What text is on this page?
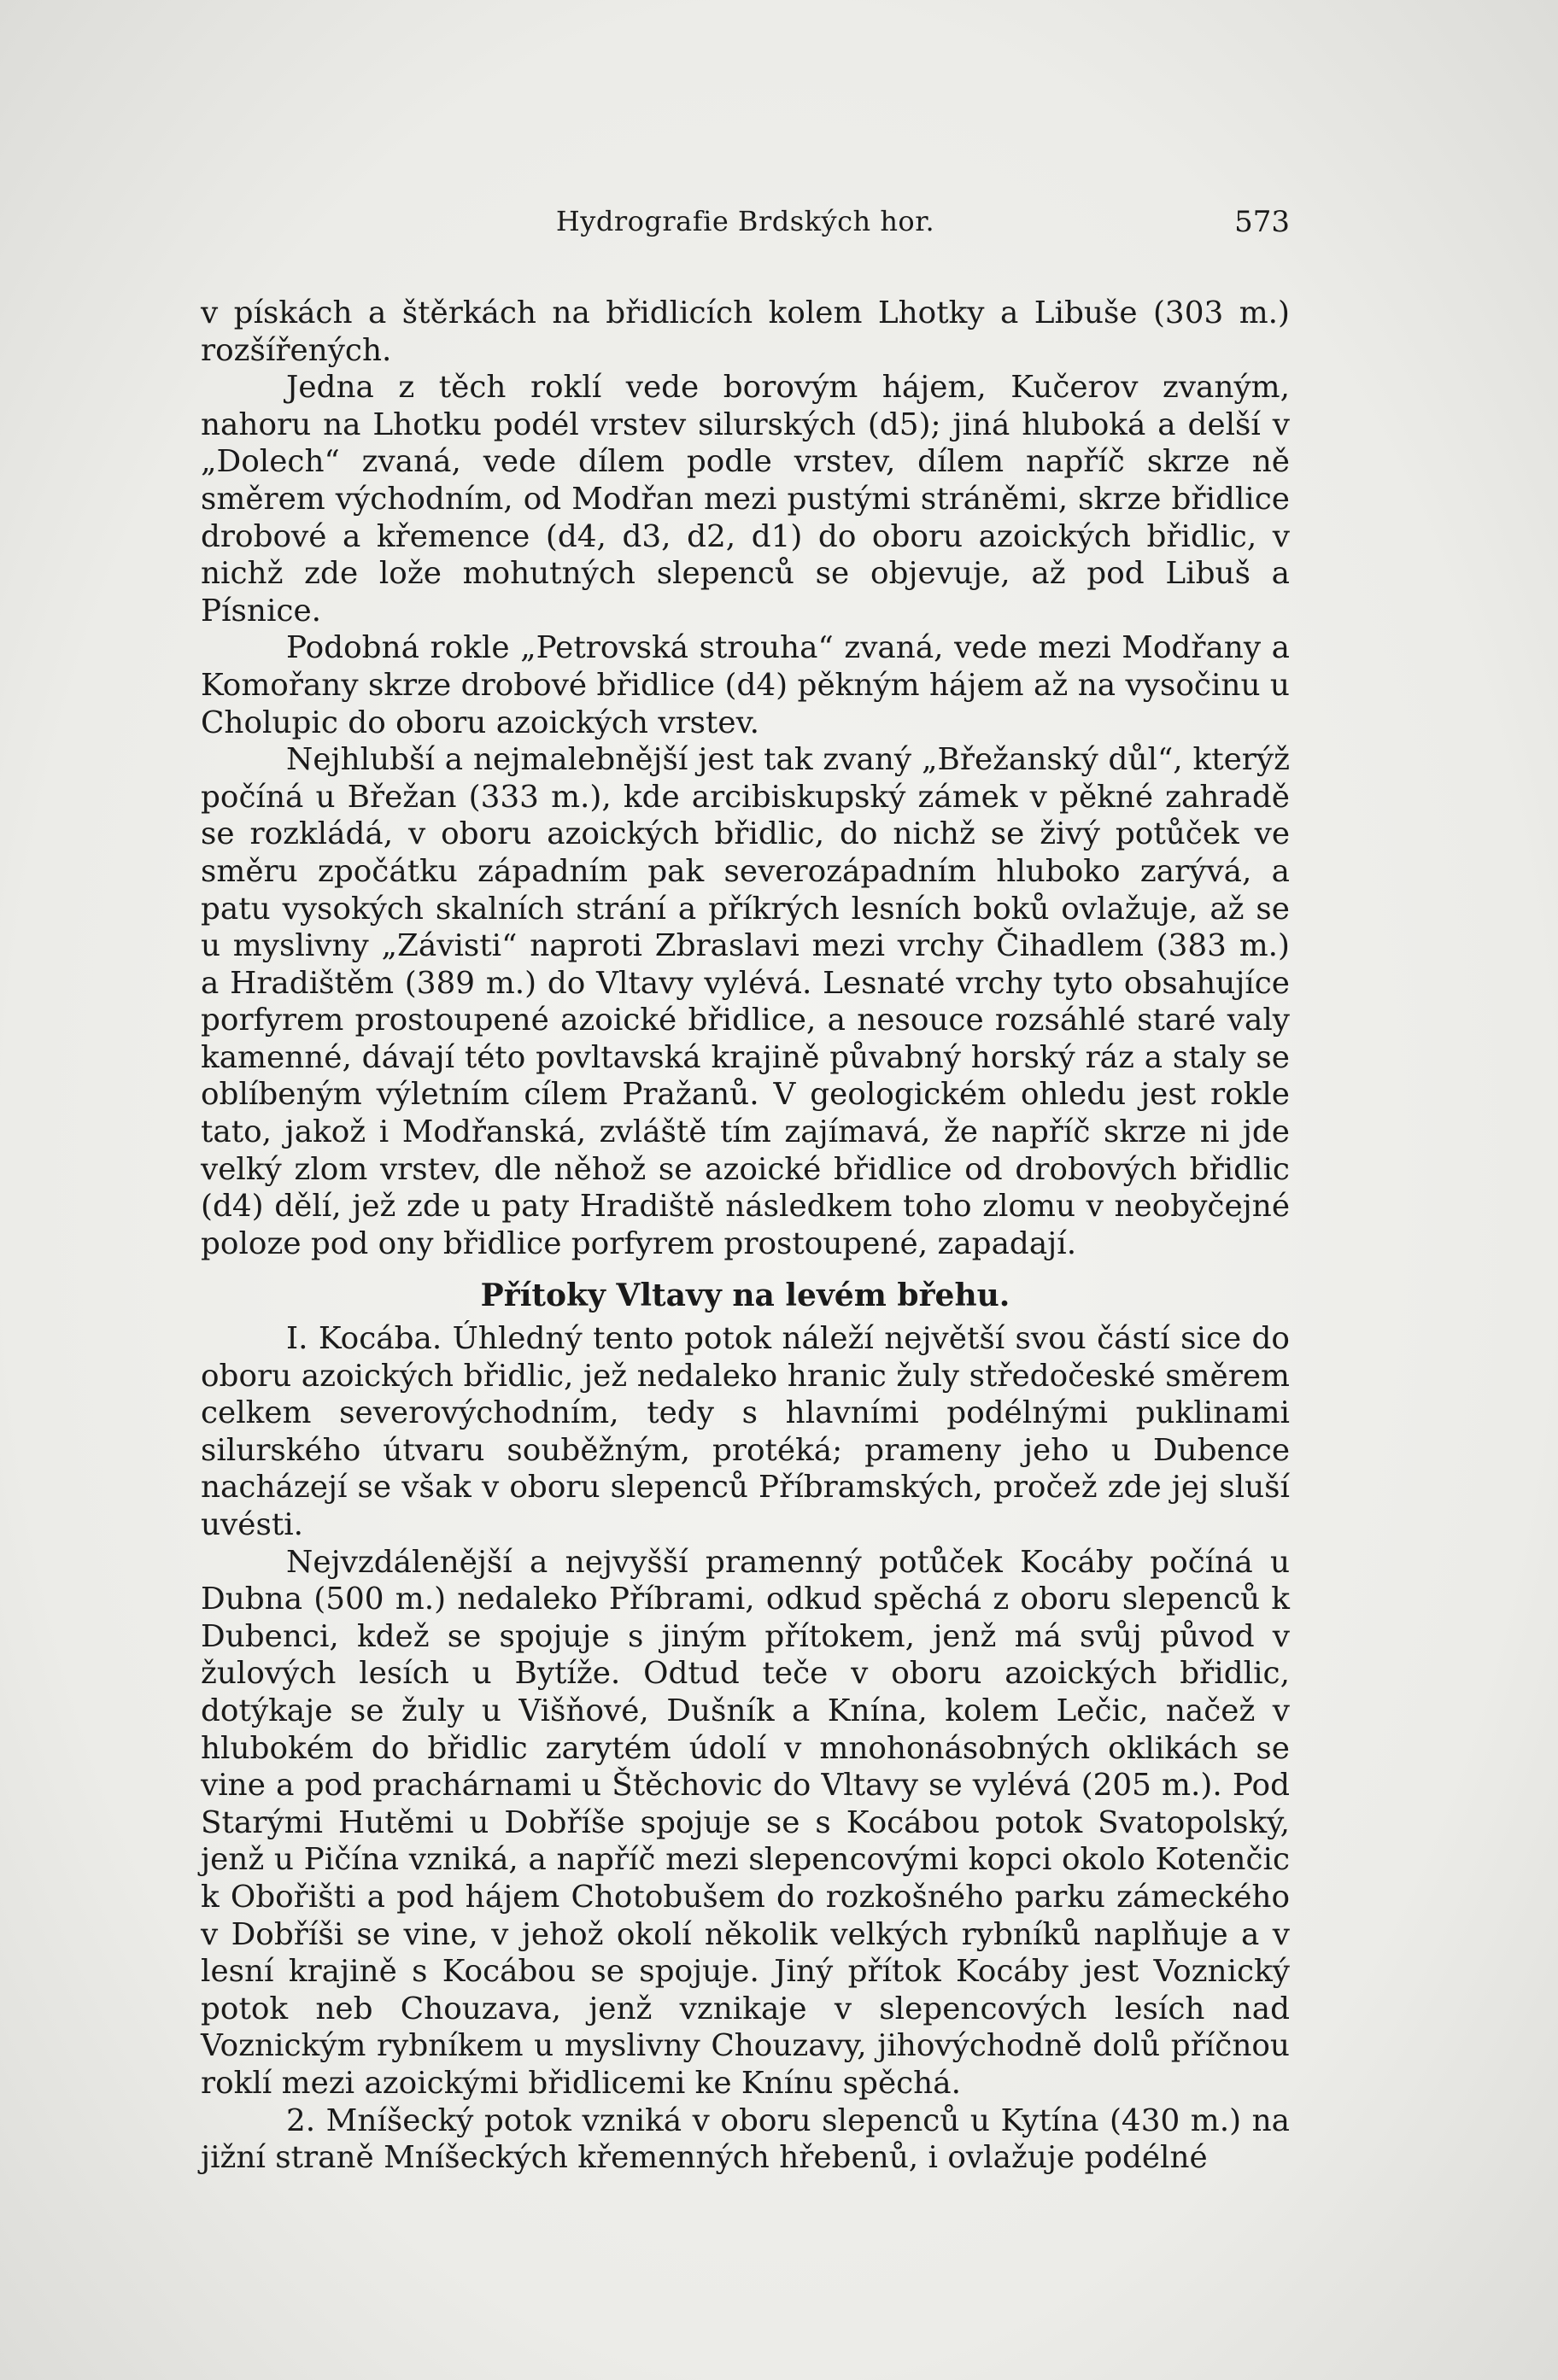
Hydrografie Brdských hor.	573

v pískách a štěrkách na břidlicích kolem Lhotky a Libuše (303 m.) rozšířených.

Jedna z těch roklí vede borovým hájem, Kučerov zvaným, nahoru na Lhotku podél vrstev silurských (d5); jiná hluboká a delší v „Dolech“ zvaná, vede dílem podle vrstev, dílem napříč skrze ně směrem východním, od Modřan mezi pustými stráněmi, skrze břidlice drobové a křemence (d4, d3, d2, d1) do oboru azoických břidlic, v nichž zde lože mohutných slepenců se objevuje, až pod Libuš a Písnice.

Podobná rokle „Petrovská strouha“ zvaná, vede mezi Modřany a Komořany skrze drobové břidlice (d4) pěkným hájem až na vysočinu u Cholupic do oboru azoických vrstev.

Nejhlubší a nejmalebnější jest tak zvaný „Břežanský důl“, kterýž počíná u Břežan (333 m.), kde arcibiskupský zámek v pěkné zahradě se rozkládá, v oboru azoických břidlic, do nichž se živý potůček ve směru zpočátku západním pak severozápadním hluboko zarývá, a patu vysokých skalních strání a příkrých lesních boků ovlažuje, až se u myslivny „Závisti“ naproti Zbraslavi mezi vrchy Čihadlem (383 m.) a Hradištěm (389 m.) do Vltavy vylévá. Lesnaté vrchy tyto obsahujíce porfyrem prostoupené azoické břidlice, a nesouce rozsáhlé staré valy kamenné, dávají této povltavská krajině půvabný horský ráz a staly se oblíbeným výletním cílem Pražanů. V geologickém ohledu jest rokle tato, jakož i Modřanská, zvláště tím zajímavá, že napříč skrze ni jde velký zlom vrstev, dle něhož se azoické břidlice od drobových břidlic (d4) dělí, jež zde u paty Hradiště následkem toho zlomu v neobyčejné poloze pod ony břidlice porfyrem prostoupené, zapadají.

Přítoky Vltavy na levém břehu.

I. Kocába. Úhledný tento potok náleží největší svou částí sice do oboru azoických břidlic, jež nedaleko hranic žuly středočeské směrem celkem severovýchodním, tedy s hlavními podélnými puklinami silurského útvaru souběžným, protéká; prameny jeho u Dubence nacházejí se však v oboru slepenců Příbramských, pročež zde jej sluší uvésti.

Nejvzdálenější a nejvyšší pramenný potůček Kocáby počíná u Dubna (500 m.) nedaleko Příbrami, odkud spěchá z oboru slepenců k Dubenci, kdež se spojuje s jiným přítokem, jenž má svůj původ v žulových lesích u Bytíže. Odtud teče v oboru azoických břidlic, dotýkaje se žuly u Višňové, Dušník a Knína, kolem Lečic, načež v hlubokém do břidlic zarytém údolí v mnohonásobných oklikách se vine a pod prachárnami u Štěchovic do Vltavy se vylévá (205 m.). Pod Starými Hutěmi u Dobříše spojuje se s Kocábou potok Svatopolský, jenž u Pičína vzniká, a napříč mezi slepencovými kopci okolo Kotenčic k Obořišti a pod hájem Chotobušem do rozkošného parku zámeckého v Dobříši se vine, v jehož okolí několik velkých rybníků naplňuje a v lesní krajině s Kocábou se spojuje. Jiný přítok Kocáby jest Voznický potok neb Chouzava, jenž vznikaje v slepencových lesích nad Voznickým rybníkem u myslivny Chouzavy, jihovýchodně dolů příčnou roklí mezi azoickými břidlicemi ke Knínu spěchá.

2. Mníšecký potok vzniká v oboru slepenců u Kytína (430 m.) na jižní straně Mníšeckých křemenných hřebenů, i ovlažuje podélné
